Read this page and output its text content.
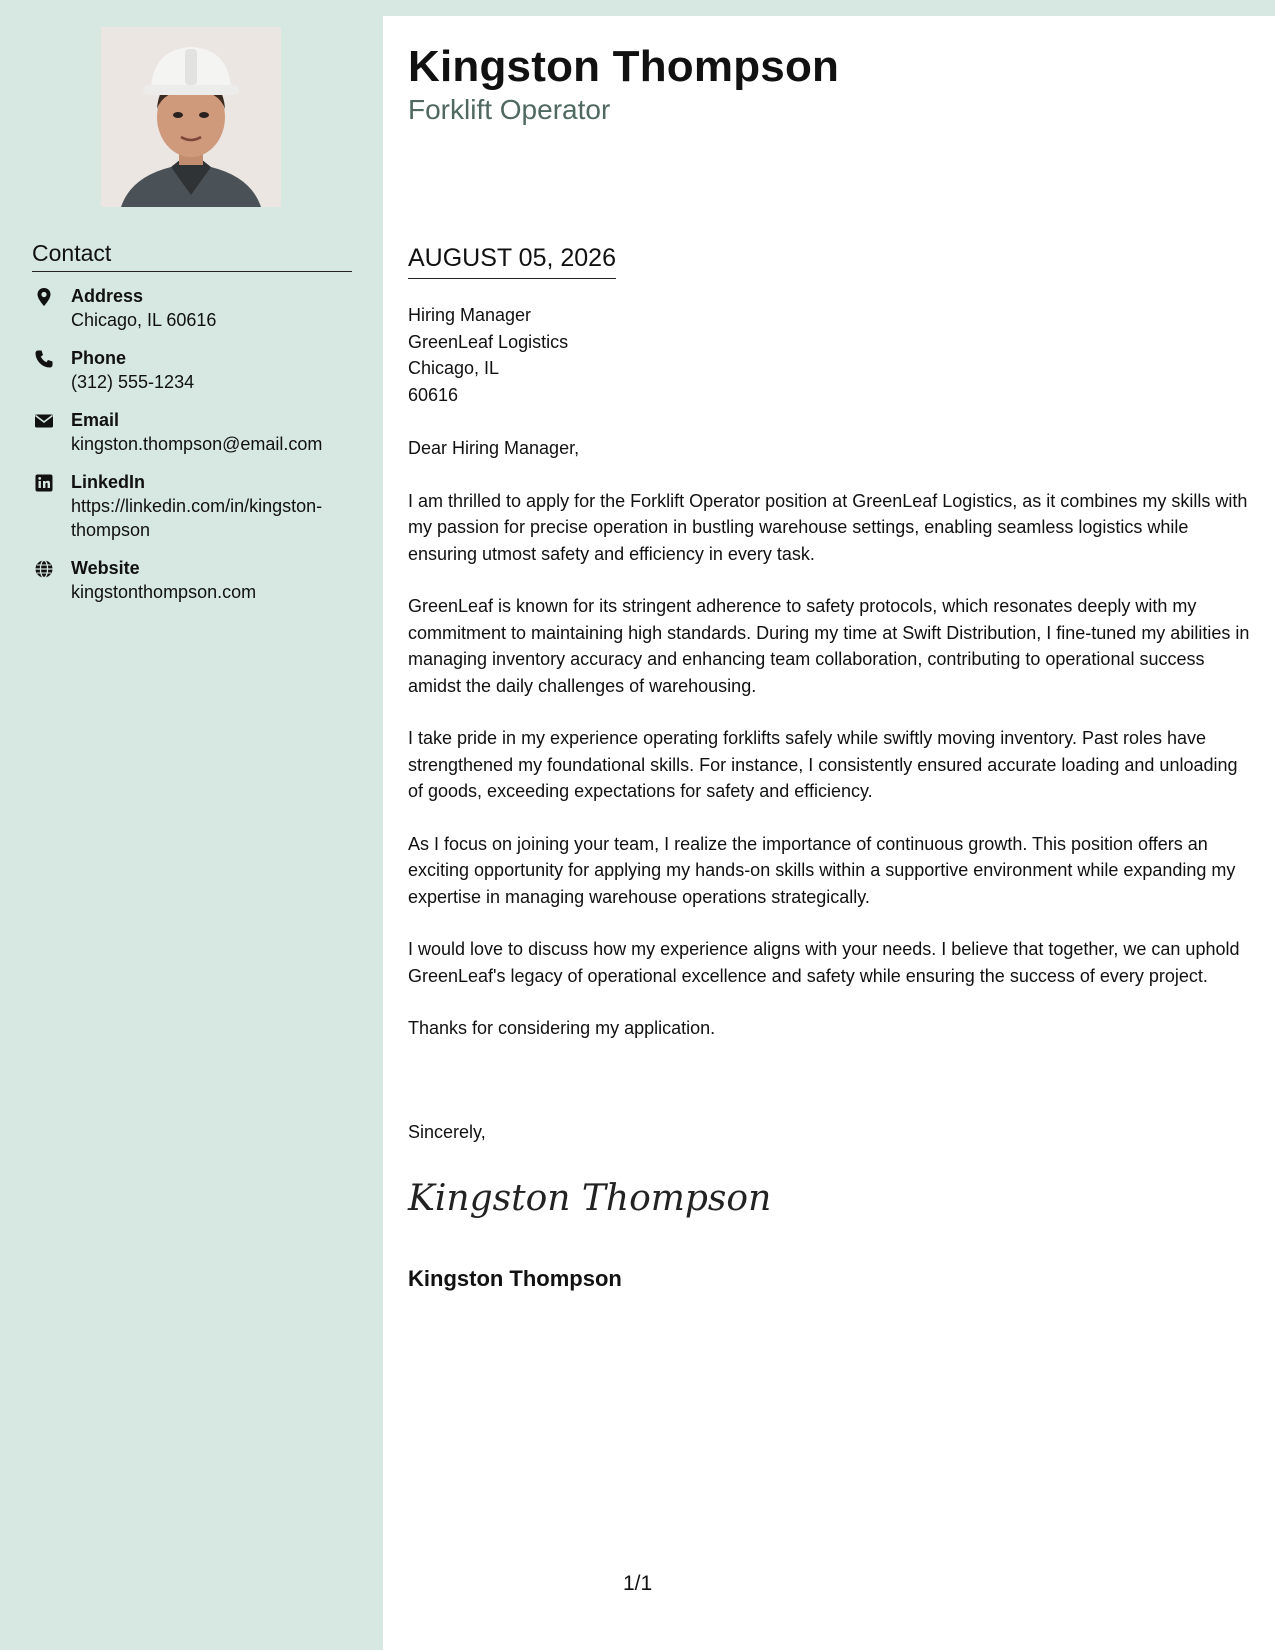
Contact
Address
Chicago, IL 60616
Phone
(312) 555-1234
Email
kingston.thompson@email.com
LinkedIn
https://linkedin.com/in/kingston-thompson
Website
kingstonthompson.com
Kingston Thompson
Forklift Operator
AUGUST 05, 2026
Hiring Manager
GreenLeaf Logistics
Chicago, IL
60616

Dear Hiring Manager,

I am thrilled to apply for the Forklift Operator position at GreenLeaf Logistics, as it combines my skills with my passion for precise operation in bustling warehouse settings, enabling seamless logistics while ensuring utmost safety and efficiency in every task.

GreenLeaf is known for its stringent adherence to safety protocols, which resonates deeply with my commitment to maintaining high standards. During my time at Swift Distribution, I fine-tuned my abilities in managing inventory accuracy and enhancing team collaboration, contributing to operational success amidst the daily challenges of warehousing.

I take pride in my experience operating forklifts safely while swiftly moving inventory. Past roles have strengthened my foundational skills. For instance, I consistently ensured accurate loading and unloading of goods, exceeding expectations for safety and efficiency.

As I focus on joining your team, I realize the importance of continuous growth. This position offers an exciting opportunity for applying my hands-on skills within a supportive environment while expanding my expertise in managing warehouse operations strategically.

I would love to discuss how my experience aligns with your needs. I believe that together, we can uphold GreenLeaf's legacy of operational excellence and safety while ensuring the success of every project.

Thanks for considering my application.

Sincerely,
Kingston Thompson
Kingston Thompson
1/1
